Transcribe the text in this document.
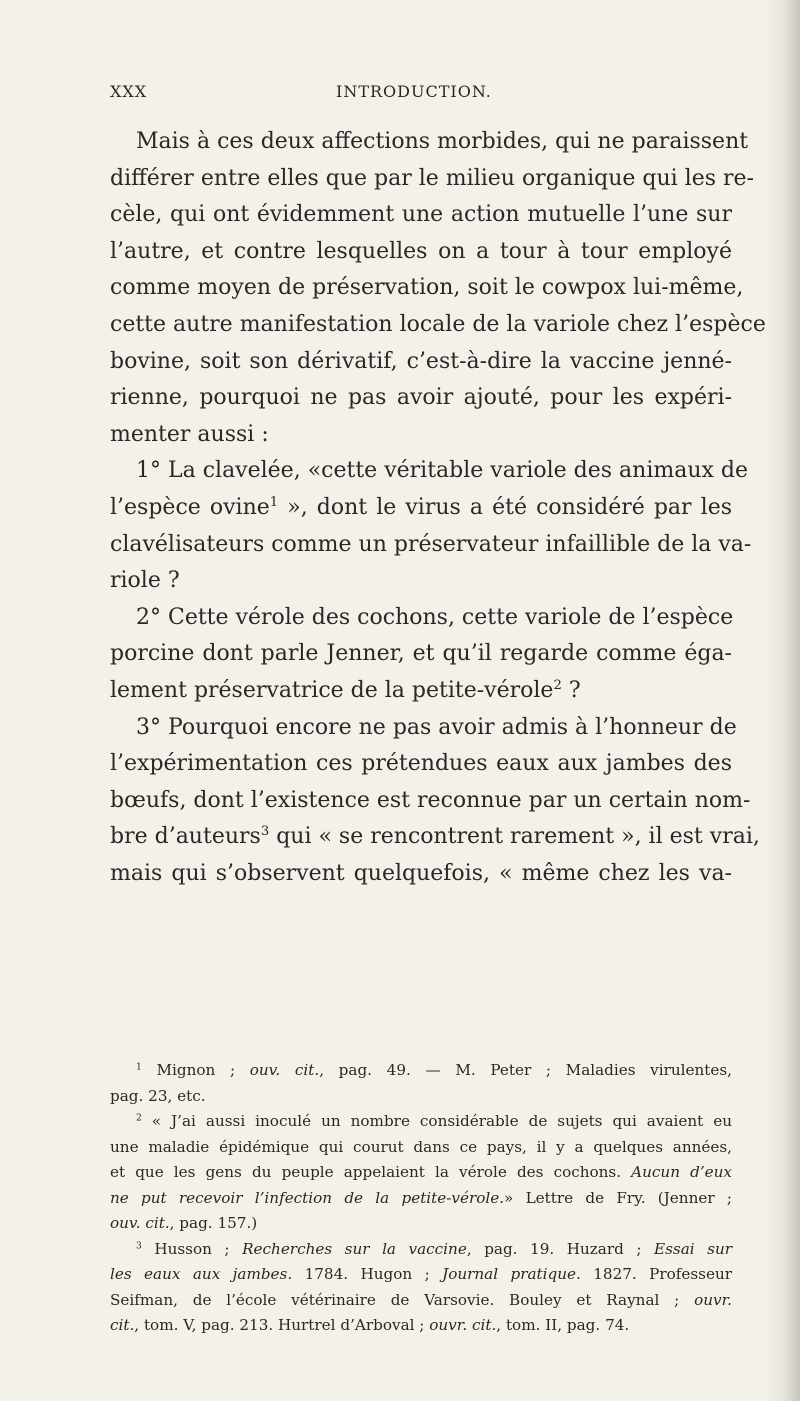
XXX	INTRODUCTION.
Mais à ces deux affections morbides, qui ne paraissent
différer entre elles que par le milieu organique qui les re-
cèle, qui ont évidemment une action mutuelle l’une sur
l’autre, et contre lesquelles on a tour à tour employé
comme moyen de préservation, soit le cowpox lui-même,
cette autre manifestation locale de la variole chez l’espèce
bovine, soit son dérivatif, c’est-à-dire la vaccine jenné-
rienne, pourquoi ne pas avoir ajouté, pour les expéri-
menter aussi :
1° La clavelée, «cette véritable variole des animaux de
l’espèce ovine$^1$ », dont le virus a été considéré par les
clavélisateurs comme un préservateur infaillible de la va-
riole ?
2° Cette vérole des cochons, cette variole de l’espèce
porcine dont parle Jenner, et qu’il regarde comme éga-
lement préservatrice de la petite-vérole$^2$ ?
3° Pourquoi encore ne pas avoir admis à l’honneur de
l’expérimentation ces prétendues eaux aux jambes des
bœufs, dont l’existence est reconnue par un certain nom-
bre d’auteurs$^3$ qui « se rencontrent rarement », il est vrai,
mais qui s’observent quelquefois, « même chez les va-
$^1$ Mignon ; ouv. cit., pag. 49. — M. Peter ; Maladies virulentes,
pag. 23, etc.
$^2$ « J’ai aussi inoculé un nombre considérable de sujets qui avaient eu
une maladie épidémique qui courut dans ce pays, il y a quelques années,
et que les gens du peuple appelaient la vérole des cochons. Aucun d’eux
ne put recevoir l’infection de la petite-vérole.» Lettre de Fry. (Jenner ;
ouv. cit., pag. 157.)
$^3$ Husson ; Recherches sur la vaccine, pag. 19. Huzard ; Essai sur
les eaux aux jambes. 1784. Hugon ; Journal pratique. 1827. Professeur
Seifman, de l’école vétérinaire de Varsovie. Bouley et Raynal ; ouvr.
cit., tom. V, pag. 213. Hurtrel d’Arboval ; ouvr. cit., tom. II, pag. 74.
